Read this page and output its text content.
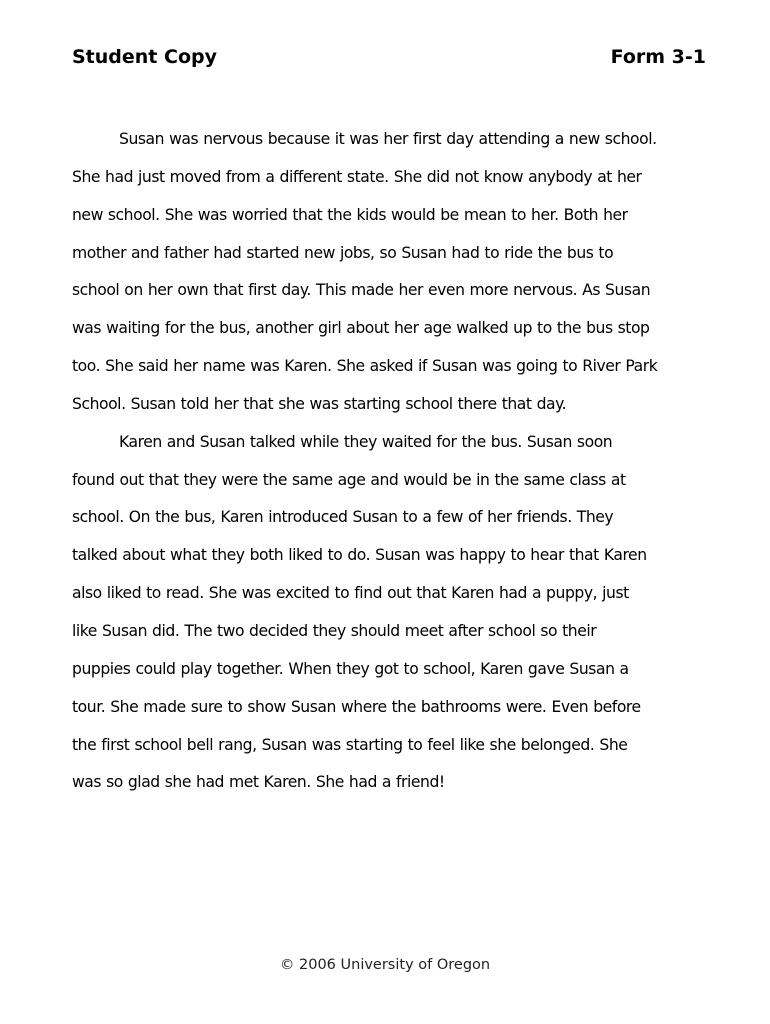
Student Copy	Form 3-1
Susan was nervous because it was her first day attending a new school.
She had just moved from a different state. She did not know anybody at her
new school. She was worried that the kids would be mean to her. Both her
mother and father had started new jobs, so Susan had to ride the bus to
school on her own that first day. This made her even more nervous. As Susan
was waiting for the bus, another girl about her age walked up to the bus stop
too. She said her name was Karen. She asked if Susan was going to River Park
School. Susan told her that she was starting school there that day.
Karen and Susan talked while they waited for the bus. Susan soon
found out that they were the same age and would be in the same class at
school. On the bus, Karen introduced Susan to a few of her friends. They
talked about what they both liked to do. Susan was happy to hear that Karen
also liked to read. She was excited to find out that Karen had a puppy, just
like Susan did. The two decided they should meet after school so their
puppies could play together. When they got to school, Karen gave Susan a
tour. She made sure to show Susan where the bathrooms were. Even before
the first school bell rang, Susan was starting to feel like she belonged. She
was so glad she had met Karen. She had a friend!
© 2006 University of Oregon
